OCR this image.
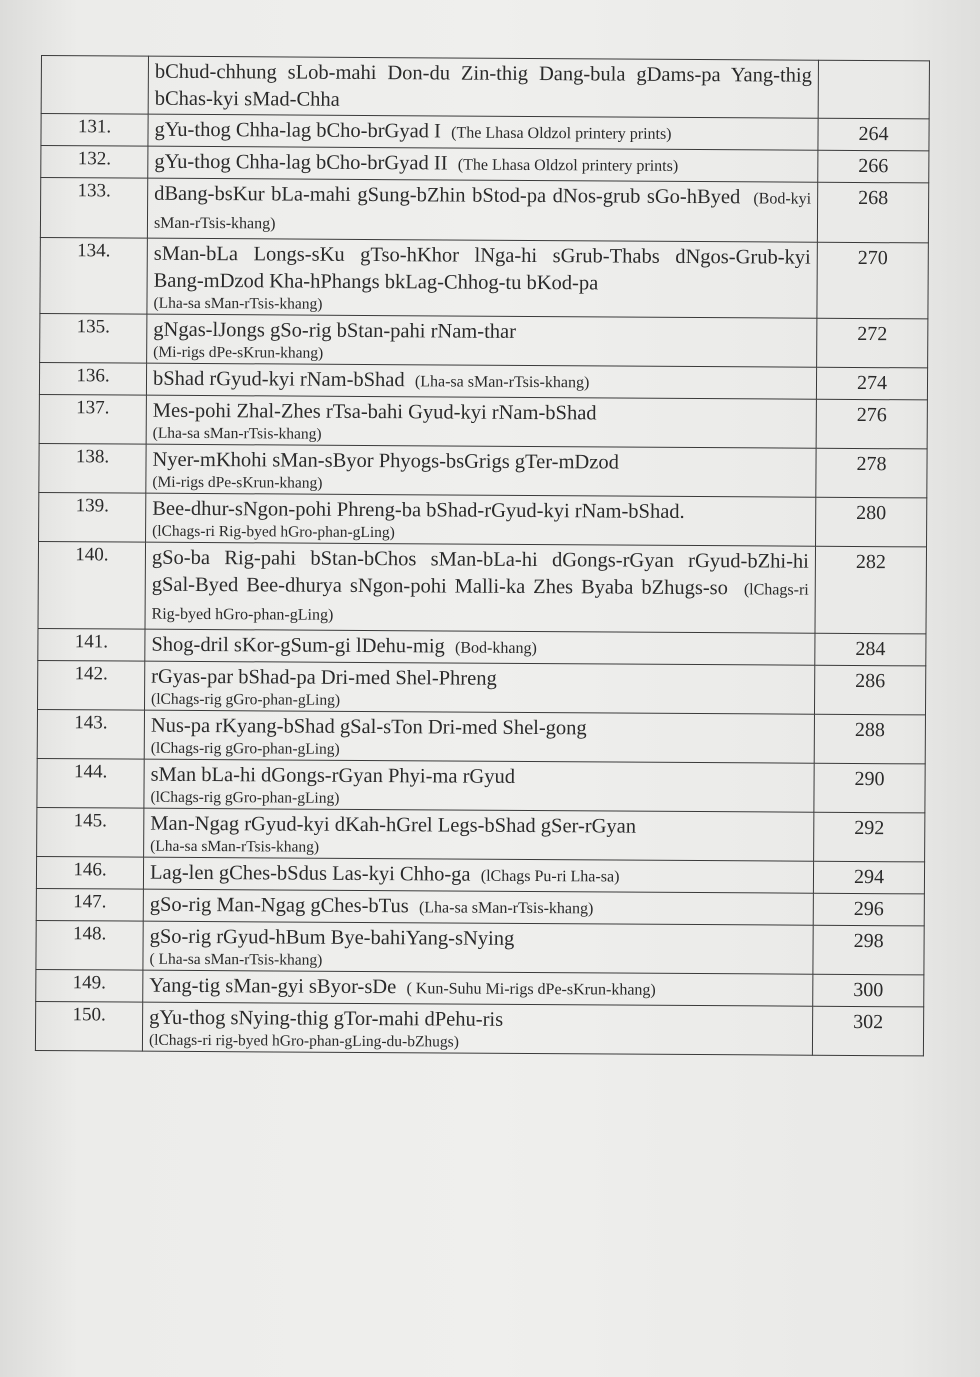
	bChud-chhung sLob-mahi Don-du Zin-thig Dang-bula gDams-pa Yang-thig bChas-kyi sMad-Chha	
131.	gYu-thog Chha-lag bCho-brGyad I (The Lhasa Oldzol printery prints)	264
132.	gYu-thog Chha-lag bCho-brGyad II (The Lhasa Oldzol printery prints)	266
133.	dBang-bsKur bLa-mahi gSung-bZhin bStod-pa dNos-grub sGo-hByed (Bod-kyi sMan-rTsis-khang)	268
134.	sMan-bLa Longs-sKu gTso-hKhor lNga-hi sGrub-Thabs dNgos-Grub-kyi Bang-mDzod Kha-hPhangs bkLag-Chhog-tu bKod-pa
(Lha-sa sMan-rTsis-khang)	270
135.	gNgas-lJongs gSo-rig bStan-pahi rNam-thar
(Mi-rigs dPe-sKrun-khang)	272
136.	bShad rGyud-kyi rNam-bShad (Lha-sa sMan-rTsis-khang)	274
137.	Mes-pohi Zhal-Zhes rTsa-bahi Gyud-kyi rNam-bShad
(Lha-sa sMan-rTsis-khang)	276
138.	Nyer-mKhohi sMan-sByor Phyogs-bsGrigs gTer-mDzod
(Mi-rigs dPe-sKrun-khang)	278
139.	Bee-dhur-sNgon-pohi Phreng-ba bShad-rGyud-kyi rNam-bShad.
(lChags-ri Rig-byed hGro-phan-gLing)	280
140.	gSo-ba Rig-pahi bStan-bChos sMan-bLa-hi dGongs-rGyan rGyud-bZhi-hi gSal-Byed Bee-dhurya sNgon-pohi Malli-ka Zhes Byaba bZhugs-so (lChags-ri Rig-byed hGro-phan-gLing)	282
141.	Shog-dril sKor-gSum-gi lDehu-mig (Bod-khang)	284
142.	rGyas-par bShad-pa Dri-med Shel-Phreng
(lChags-rig gGro-phan-gLing)	286
143.	Nus-pa rKyang-bShad gSal-sTon Dri-med Shel-gong
(lChags-rig gGro-phan-gLing)	288
144.	sMan bLa-hi dGongs-rGyan Phyi-ma rGyud
(lChags-rig gGro-phan-gLing)	290
145.	Man-Ngag rGyud-kyi dKah-hGrel Legs-bShad gSer-rGyan
(Lha-sa sMan-rTsis-khang)	292
146.	Lag-len gChes-bSdus Las-kyi Chho-ga (lChags Pu-ri Lha-sa)	294
147.	gSo-rig Man-Ngag gChes-bTus (Lha-sa sMan-rTsis-khang)	296
148.	gSo-rig rGyud-hBum Bye-bahiYang-sNying
( Lha-sa sMan-rTsis-khang)	298
149.	Yang-tig sMan-gyi sByor-sDe ( Kun-Suhu Mi-rigs dPe-sKrun-khang)	300
150.	gYu-thog sNying-thig gTor-mahi dPehu-ris
(lChags-ri rig-byed hGro-phan-gLing-du-bZhugs)	302
